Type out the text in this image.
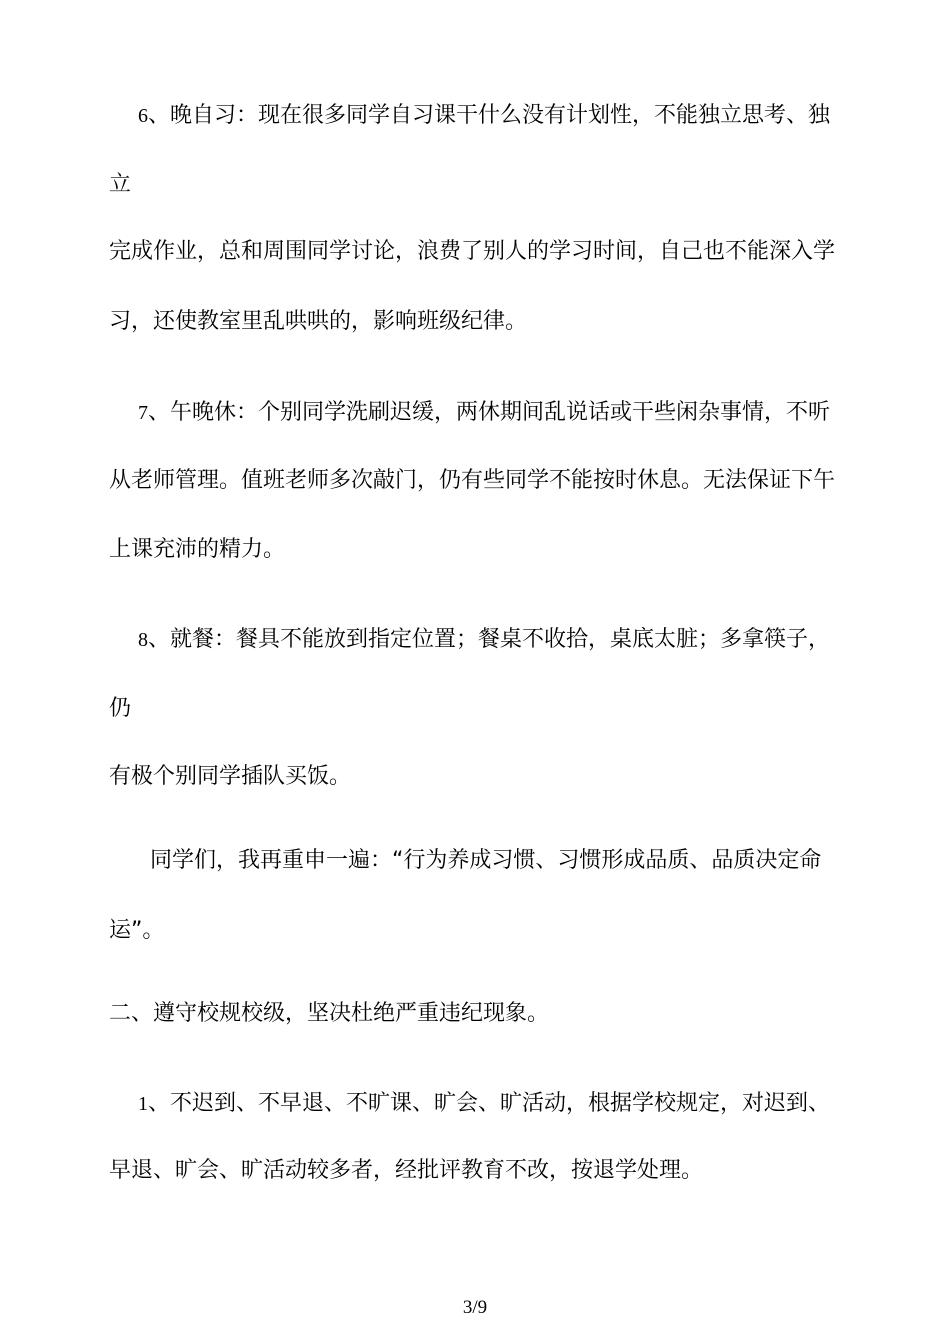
6、晚自习：现在很多同学自习课干什么没有计划性，不能独立思考、独
立
完成作业，总和周围同学讨论，浪费了别人的学习时间，自己也不能深入学
习，还使教室里乱哄哄的，影响班级纪律。
7、午晚休：个别同学洗刷迟缓，两休期间乱说话或干些闲杂事情，不听
从老师管理。值班老师多次敲门，仍有些同学不能按时休息。无法保证下午
上课充沛的精力。
8、就餐：餐具不能放到指定位置；餐桌不收拾，桌底太脏；多拿筷子，
仍
有极个别同学插队买饭。
同学们，我再重申一遍：“行为养成习惯、习惯形成品质、品质决定命
运”。
二、遵守校规校级，坚决杜绝严重违纪现象。
1、不迟到、不早退、不旷课、旷会、旷活动，根据学校规定，对迟到、
早退、旷会、旷活动较多者，经批评教育不改，按退学处理。
3/9
